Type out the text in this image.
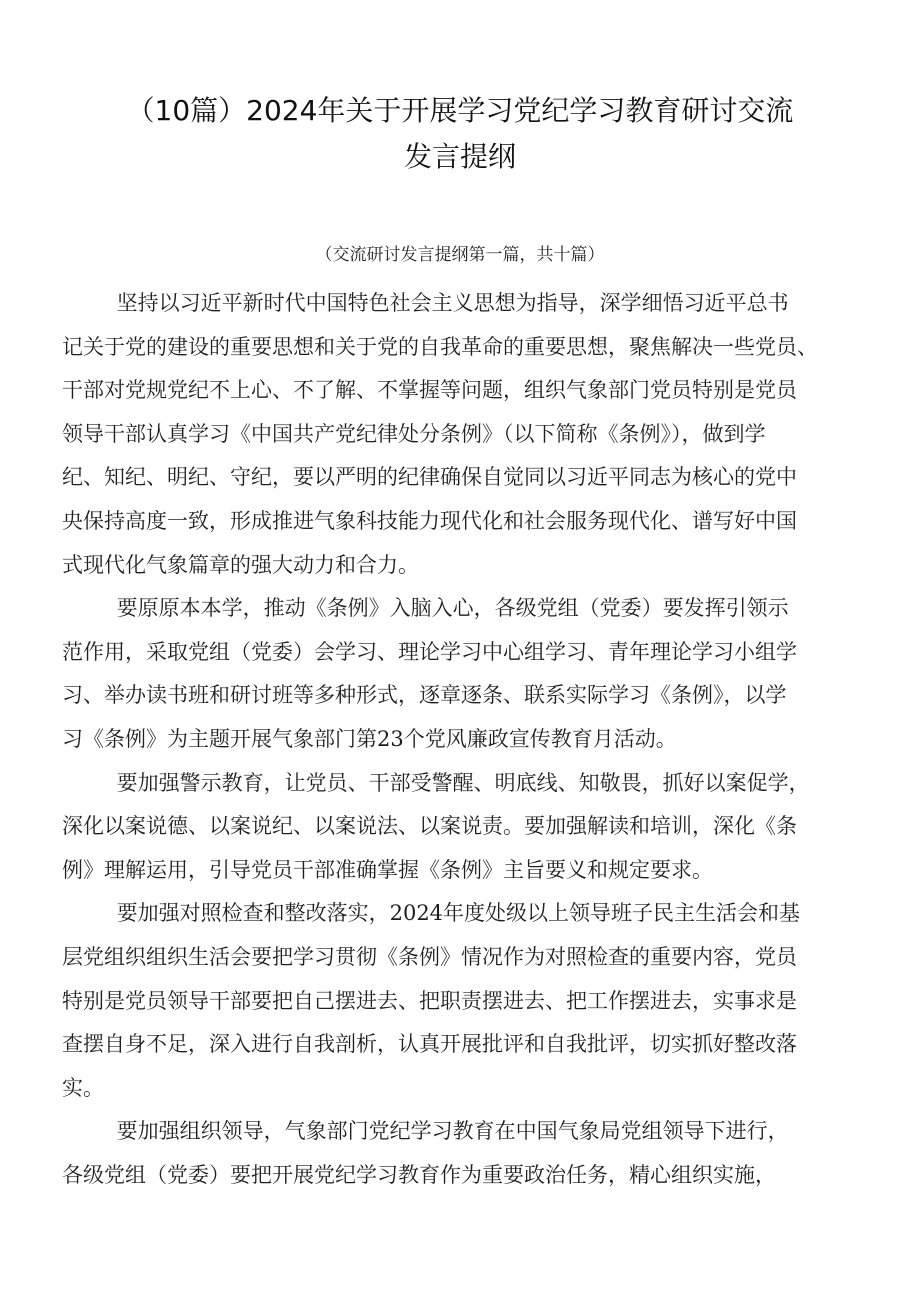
（10篇）2024年关于开展学习党纪学习教育研讨交流
发言提纲
（交流研讨发言提纲第一篇，共十篇）

坚持以习近平新时代中国特色社会主义思想为指导，深学细悟习近平总书
记关于党的建设的重要思想和关于党的自我革命的重要思想，聚焦解决一些党员、
干部对党规党纪不上心、不了解、不掌握等问题，组织气象部门党员特别是党员
领导干部认真学习《中国共产党纪律处分条例》（以下简称《条例》），做到学
纪、知纪、明纪、守纪，要以严明的纪律确保自觉同以习近平同志为核心的党中
央保持高度一致，形成推进气象科技能力现代化和社会服务现代化、谱写好中国
式现代化气象篇章的强大动力和合力。

要原原本本学，推动《条例》入脑入心，各级党组（党委）要发挥引领示
范作用，采取党组（党委）会学习、理论学习中心组学习、青年理论学习小组学
习、举办读书班和研讨班等多种形式，逐章逐条、联系实际学习《条例》，以学
习《条例》为主题开展气象部门第23个党风廉政宣传教育月活动。

要加强警示教育，让党员、干部受警醒、明底线、知敬畏，抓好以案促学，
深化以案说德、以案说纪、以案说法、以案说责。要加强解读和培训，深化《条
例》理解运用，引导党员干部准确掌握《条例》主旨要义和规定要求。

要加强对照检查和整改落实，2024年度处级以上领导班子民主生活会和基
层党组织组织生活会要把学习贯彻《条例》情况作为对照检查的重要内容，党员
特别是党员领导干部要把自己摆进去、把职责摆进去、把工作摆进去，实事求是
查摆自身不足，深入进行自我剖析，认真开展批评和自我批评，切实抓好整改落
实。

要加强组织领导，气象部门党纪学习教育在中国气象局党组领导下进行，
各级党组（党委）要把开展党纪学习教育作为重要政治任务，精心组织实施，
